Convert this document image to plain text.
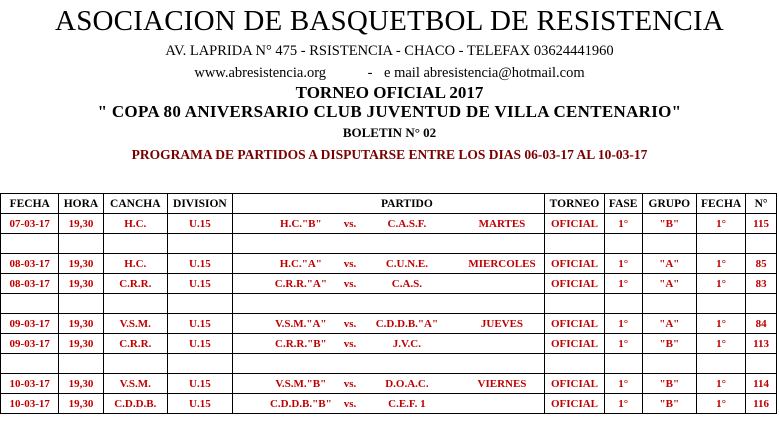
ASOCIACION DE BASQUETBOL DE RESISTENCIA
AV. LAPRIDA N° 475 - RSISTENCIA - CHACO - TELEFAX 03624441960
www.abresistencia.org	- e mail abresistencia@hotmail.com
TORNEO OFICIAL 2017
" COPA 80 ANIVERSARIO CLUB JUVENTUD DE VILLA CENTENARIO"
BOLETIN N° 02
PROGRAMA DE PARTIDOS A DISPUTARSE ENTRE LOS DIAS 06-03-17 AL 10-03-17
FECHA	HORA	CANCHA	DIVISION				PARTIDO			TORNEO	FASE	GRUPO	FECHA	N°
07-03-17	19,30	H.C.	U.15		H.C."B"	vs.	C.A.S.F.		MARTES	OFICIAL	1°	"B"	1°	115

08-03-17	19,30	H.C.	U.15		H.C."A"	vs.	C.U.N.E.		MIERCOLES	OFICIAL	1°	"A"	1°	85
08-03-17	19,30	C.R.R.	U.15		C.R.R."A"	vs.	C.A.S.			OFICIAL	1°	"A"	1°	83

09-03-17	19,30	V.S.M.	U.15		V.S.M."A"	vs.	C.D.D.B."A"		JUEVES	OFICIAL	1°	"A"	1°	84
09-03-17	19,30	C.R.R.	U.15		C.R.R."B"	vs.	J.V.C.			OFICIAL	1°	"B"	1°	113

10-03-17	19,30	V.S.M.	U.15		V.S.M."B"	vs.	D.O.A.C.		VIERNES	OFICIAL	1°	"B"	1°	114
10-03-17	19,30	C.D.D.B.	U.15		C.D.D.B."B"	vs.	C.E.F. 1			OFICIAL	1°	"B"	1°	116
